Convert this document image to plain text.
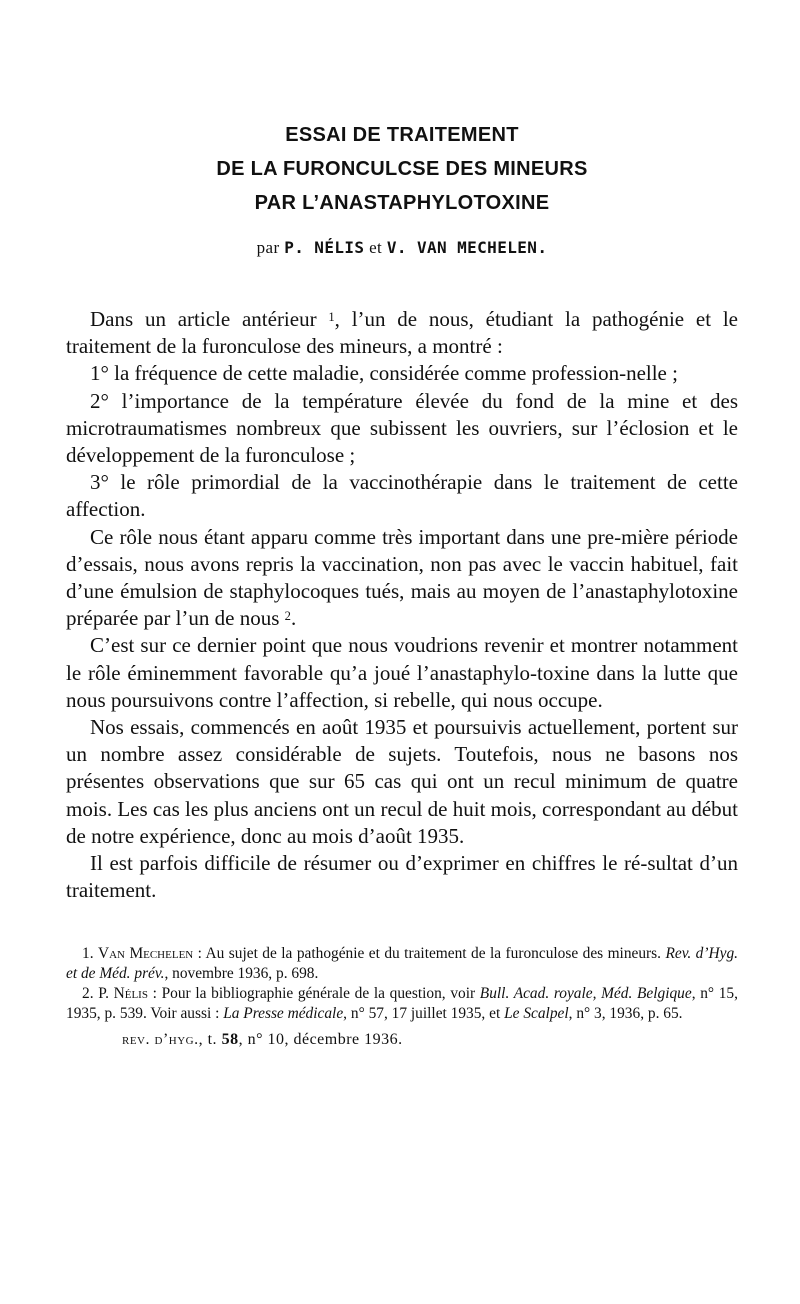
ESSAI DE TRAITEMENT
DE LA FURONCULCSE DES MINEURS
PAR L’ANASTAPHYLOTOXINE
par P. NÉLIS et V. VAN MECHELEN.

Dans un article antérieur $^1$, l’un de nous, étudiant la pathogénie et le traitement de la furonculose des mineurs, a montré :

1° la fréquence de cette maladie, considérée comme profession-nelle ;

2° l’importance de la température élevée du fond de la mine et des microtraumatismes nombreux que subissent les ouvriers, sur l’éclosion et le développement de la furonculose ;

3° le rôle primordial de la vaccinothérapie dans le traitement de cette affection.

Ce rôle nous étant apparu comme très important dans une pre-mière période d’essais, nous avons repris la vaccination, non pas avec le vaccin habituel, fait d’une émulsion de staphylocoques tués, mais au moyen de l’anastaphylotoxine préparée par l’un de nous $^2$.

C’est sur ce dernier point que nous voudrions revenir et montrer notamment le rôle éminemment favorable qu’a joué l’anastaphylo-toxine dans la lutte que nous poursuivons contre l’affection, si rebelle, qui nous occupe.

Nos essais, commencés en août 1935 et poursuivis actuellement, portent sur un nombre assez considérable de sujets. Toutefois, nous ne basons nos présentes observations que sur 65 cas qui ont un recul minimum de quatre mois. Les cas les plus anciens ont un recul de huit mois, correspondant au début de notre expérience, donc au mois d’août 1935.

Il est parfois difficile de résumer ou d’exprimer en chiffres le ré-sultat d’un traitement.

1. Van Mechelen : Au sujet de la pathogénie et du traitement de la furonculose des mineurs. Rev. d’Hyg. et de Méd. prév., novembre 1936, p. 698.

2. P. Nélis : Pour la bibliographie générale de la question, voir Bull. Acad. royale, Méd. Belgique, n° 15, 1935, p. 539. Voir aussi : La Presse médicale, n° 57, 17 juillet 1935, et Le Scalpel, n° 3, 1936, p. 65.

rev. d’hyg., t. 58, n° 10, décembre 1936.
